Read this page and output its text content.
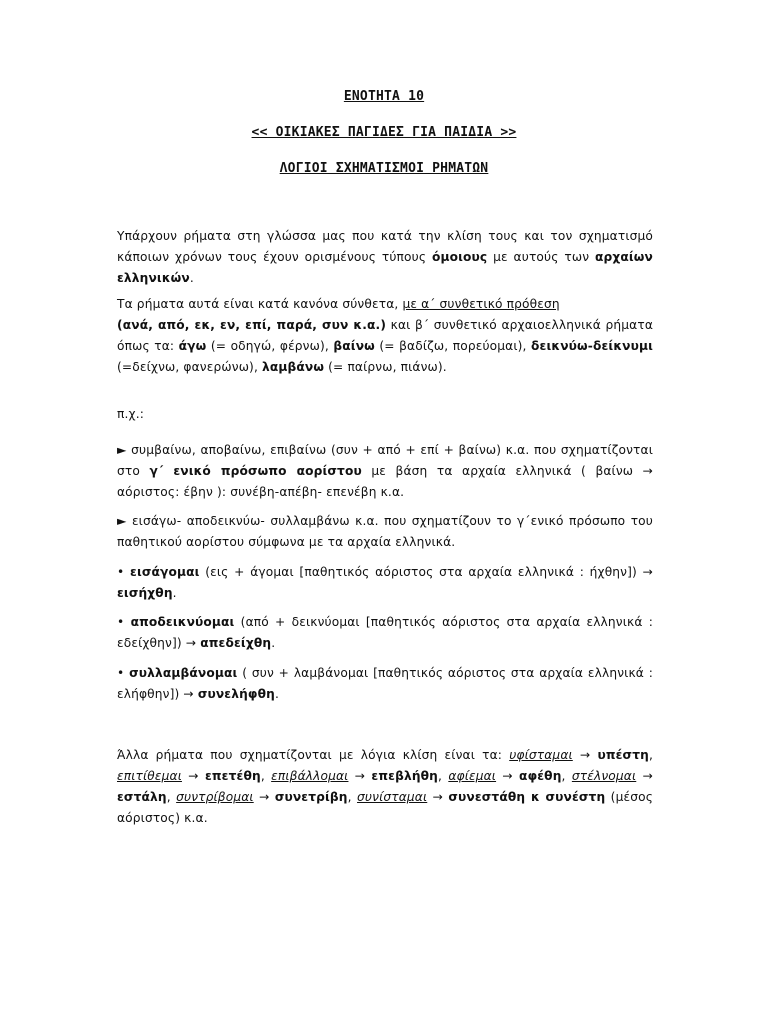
ΕΝΟΤΗΤΑ 10
<< ΟΙΚΙΑΚΕΣ ΠΑΓΙΔΕΣ ΓΙΑ ΠΑΙΔΙΑ >>
ΛΟΓΙΟΙ ΣΧΗΜΑΤΙΣΜΟΙ ΡΗΜΑΤΩΝ
Υπάρχουν ρήματα στη γλώσσα μας που κατά την κλίση τους και τον σχηματισμό κάποιων χρόνων τους έχουν ορισμένους τύπους όμοιους με αυτούς των αρχαίων ελληνικών.
Τα ρήματα αυτά είναι κατά κανόνα σύνθετα, με α΄ συνθετικό πρόθεση
(ανά, από, εκ, εν, επί, παρά, συν κ.α.) και β΄ συνθετικό αρχαιοελληνικά ρήματα όπως τα: άγω (= οδηγώ, φέρνω), βαίνω (= βαδίζω, πορεύομαι), δεικνύω-δείκνυμι (=δείχνω, φανερώνω), λαμβάνω (= παίρνω, πιάνω).
π.χ.:
► συμβαίνω, αποβαίνω, επιβαίνω (συν + από + επί + βαίνω) κ.α. που σχηματίζονται στο γ΄ ενικό πρόσωπο αορίστου με βάση τα αρχαία ελληνικά ( βαίνω → αόριστος: έβην ): συνέβη-απέβη- επενέβη κ.α.
► εισάγω- αποδεικνύω- συλλαμβάνω κ.α. που σχηματίζουν το γ΄ενικό πρόσωπο του παθητικού αορίστου σύμφωνα με τα αρχαία ελληνικά.
• εισάγομαι (εις + άγομαι [παθητικός αόριστος στα αρχαία ελληνικά : ήχθην]) → εισήχθη.
• αποδεικνύομαι (από + δεικνύομαι [παθητικός αόριστος στα αρχαία ελληνικά : εδείχθην]) → απεδείχθη.
• συλλαμβάνομαι ( συν + λαμβάνομαι [παθητικός αόριστος στα αρχαία ελληνικά : ελήφθην]) → συνελήφθη.
Άλλα ρήματα που σχηματίζονται με λόγια κλίση είναι τα: υφίσταμαι → υπέστη, επιτίθεμαι → επετέθη, επιβάλλομαι → επεβλήθη, αφίεμαι → αφέθη, στέλνομαι → εστάλη, συντρίβομαι → συνετρίβη, συνίσταμαι → συνεστάθη κ συνέστη (μέσος αόριστος) κ.α.
